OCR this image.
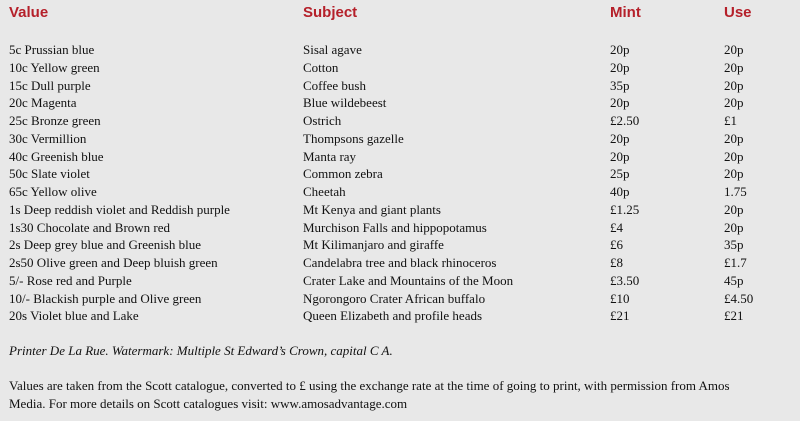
Value	Subject	Mint	Use
5c Prussian blue	Sisal agave	20p	20p
10c Yellow green	Cotton	20p	20p
15c Dull purple	Coffee bush	35p	20p
20c Magenta	Blue wildebeest	20p	20p
25c Bronze green	Ostrich	£2.50	£1
30c Vermillion	Thompsons gazelle	20p	20p
40c Greenish blue	Manta ray	20p	20p
50c Slate violet	Common zebra	25p	20p
65c Yellow olive	Cheetah	40p	1.75
1s Deep reddish violet and Reddish purple	Mt Kenya and giant plants	£1.25	20p
1s30 Chocolate and Brown red	Murchison Falls and hippopotamus	£4	20p
2s Deep grey blue and Greenish blue	Mt Kilimanjaro and giraffe	£6	35p
2s50 Olive green and Deep bluish green	Candelabra tree and black rhinoceros	£8	£1.7
5/- Rose red and Purple	Crater Lake and Mountains of the Moon	£3.50	45p
10/- Blackish purple and Olive green	Ngorongoro Crater African buffalo	£10	£4.50
20s Violet blue and Lake	Queen Elizabeth and profile heads	£21	£21
Printer De La Rue. Watermark: Multiple St Edward’s Crown, capital C A.
Values are taken from the Scott catalogue, converted to £ using the exchange rate at the time of going to print, with permission from Amos Media. For more details on Scott catalogues visit: www.amosadvantage.com
